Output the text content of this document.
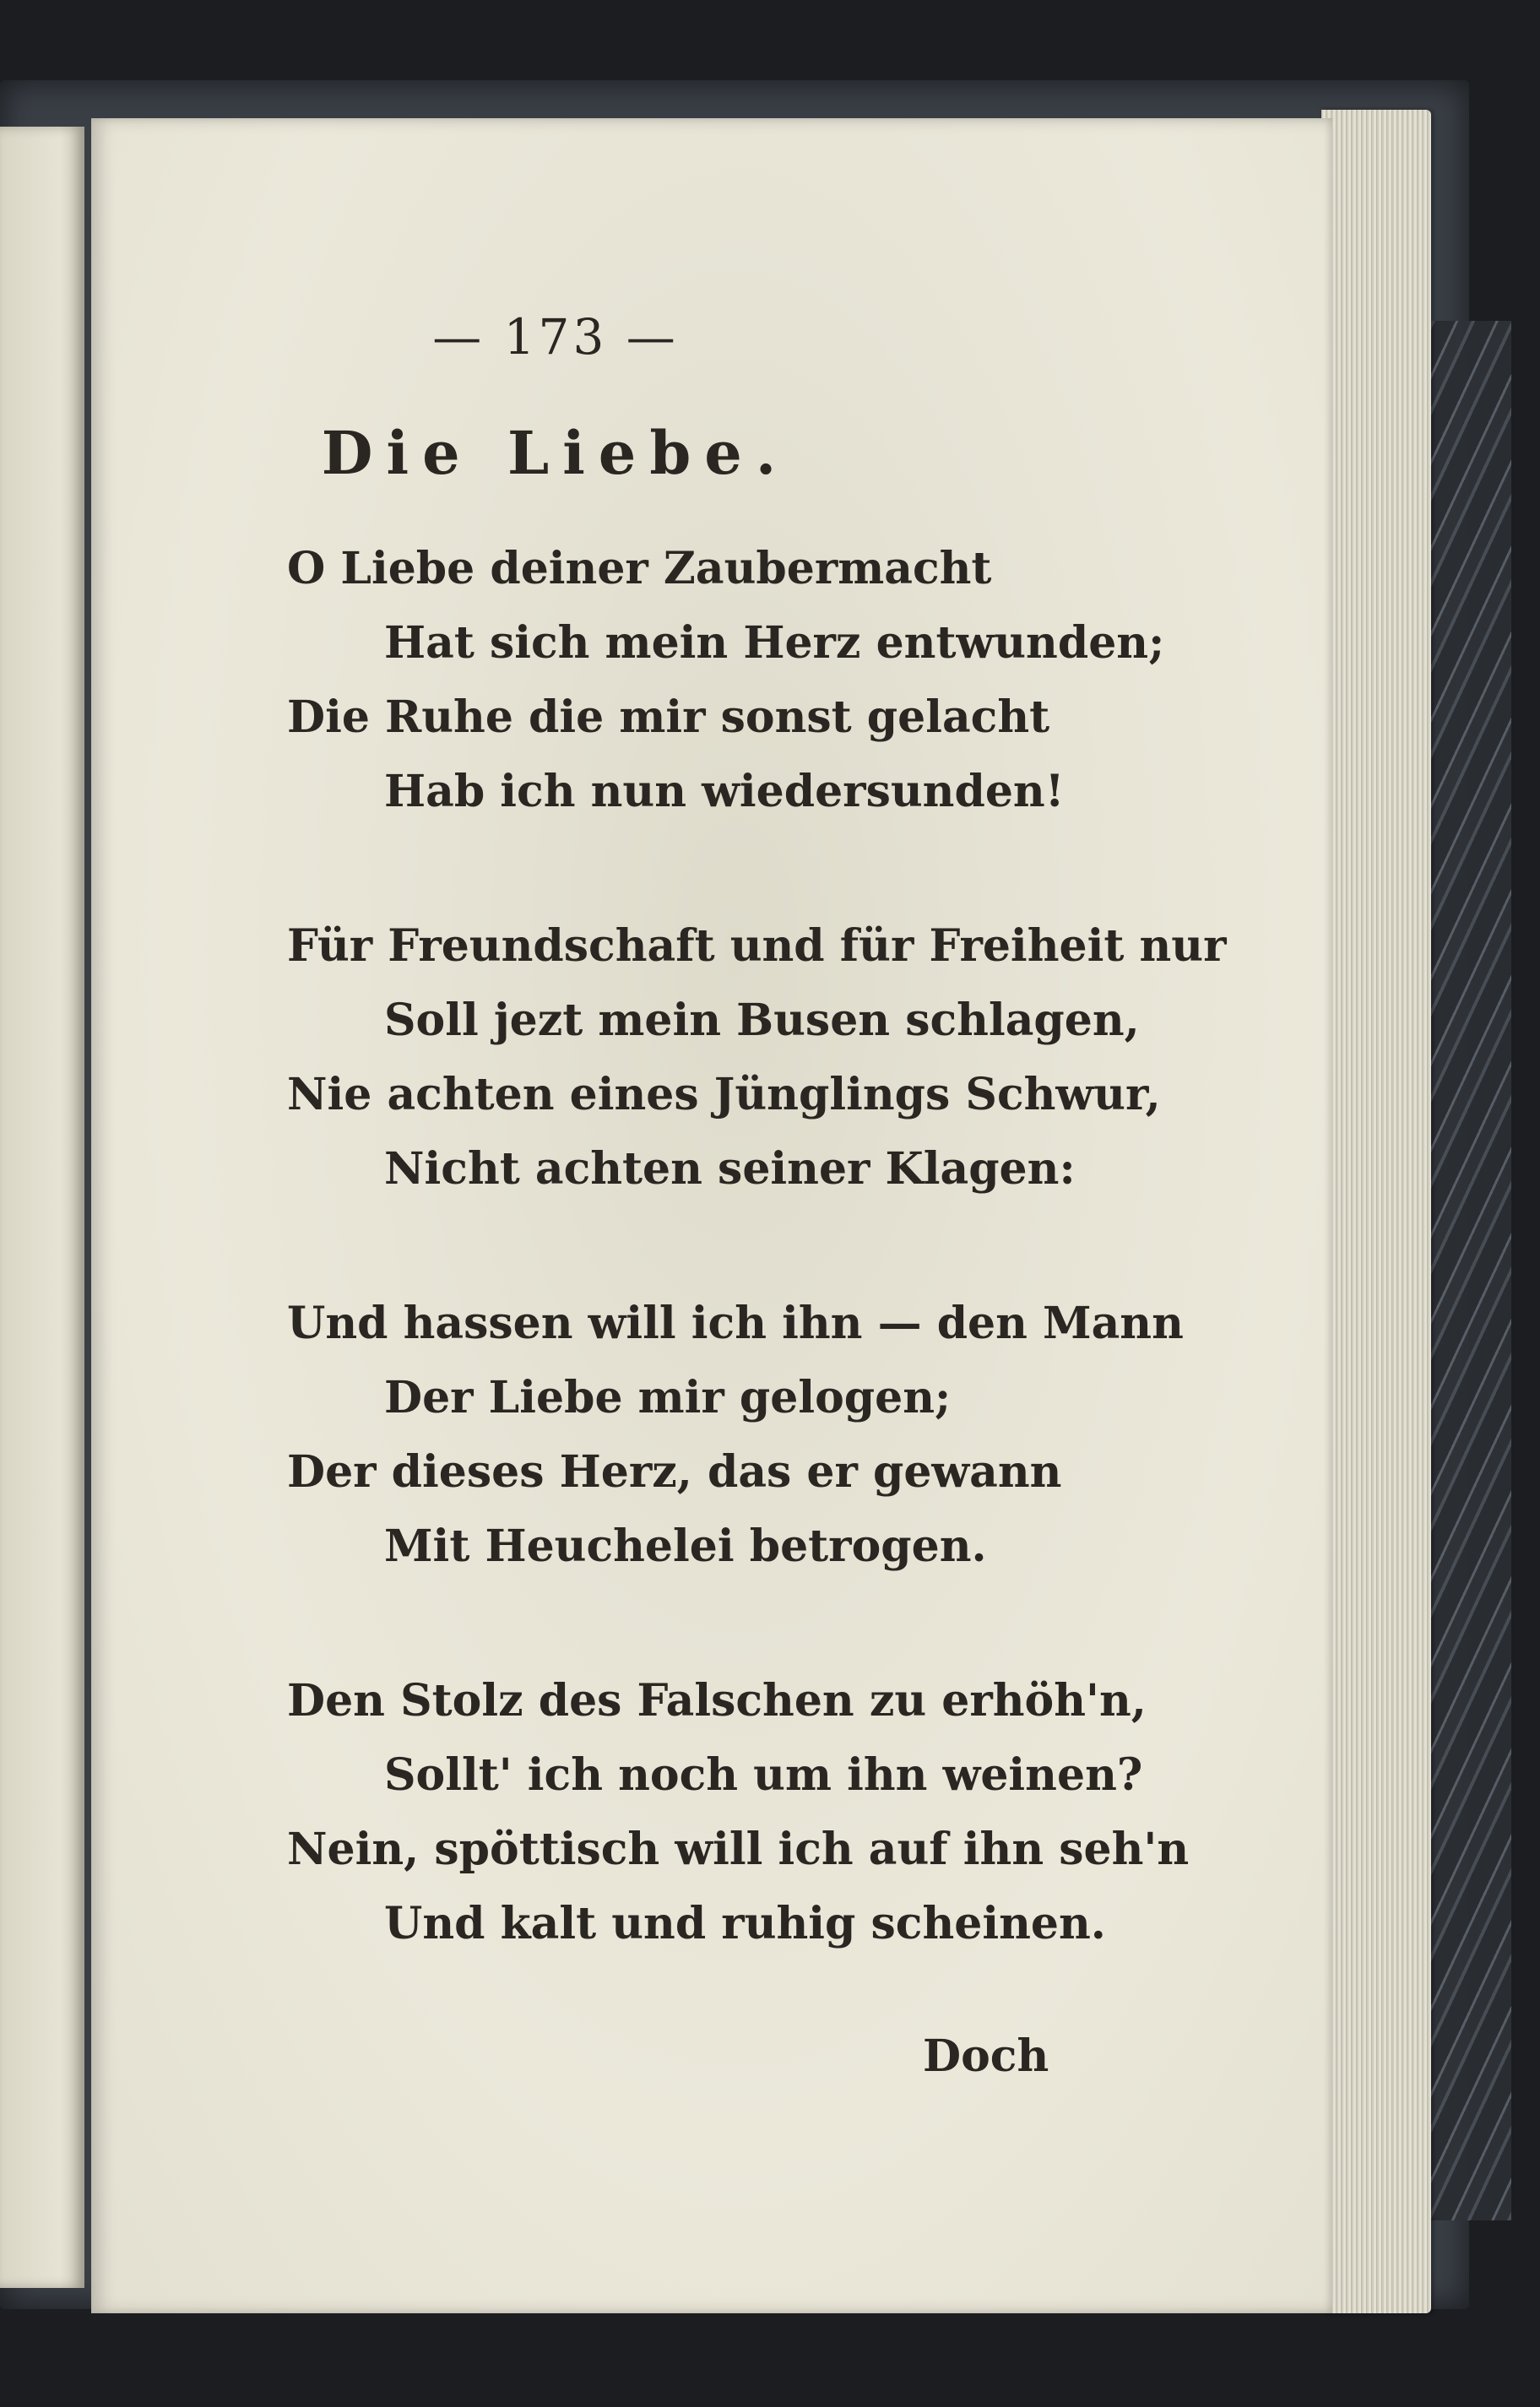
— 173 —
Die Liebe.
O Liebe deiner Zaubermacht
Hat sich mein Herz entwunden;
Die Ruhe die mir sonst gelacht
Hab ich nun wiedersunden!
Für Freundschaft und für Freiheit nur
Soll jezt mein Busen schlagen,
Nie achten eines Jünglings Schwur,
Nicht achten seiner Klagen:
Und hassen will ich ihn — den Mann
Der Liebe mir gelogen;
Der dieses Herz, das er gewann
Mit Heuchelei betrogen.
Den Stolz des Falschen zu erhöh'n,
Sollt' ich noch um ihn weinen?
Nein, spöttisch will ich auf ihn seh'n
Und kalt und ruhig scheinen.
Doch
